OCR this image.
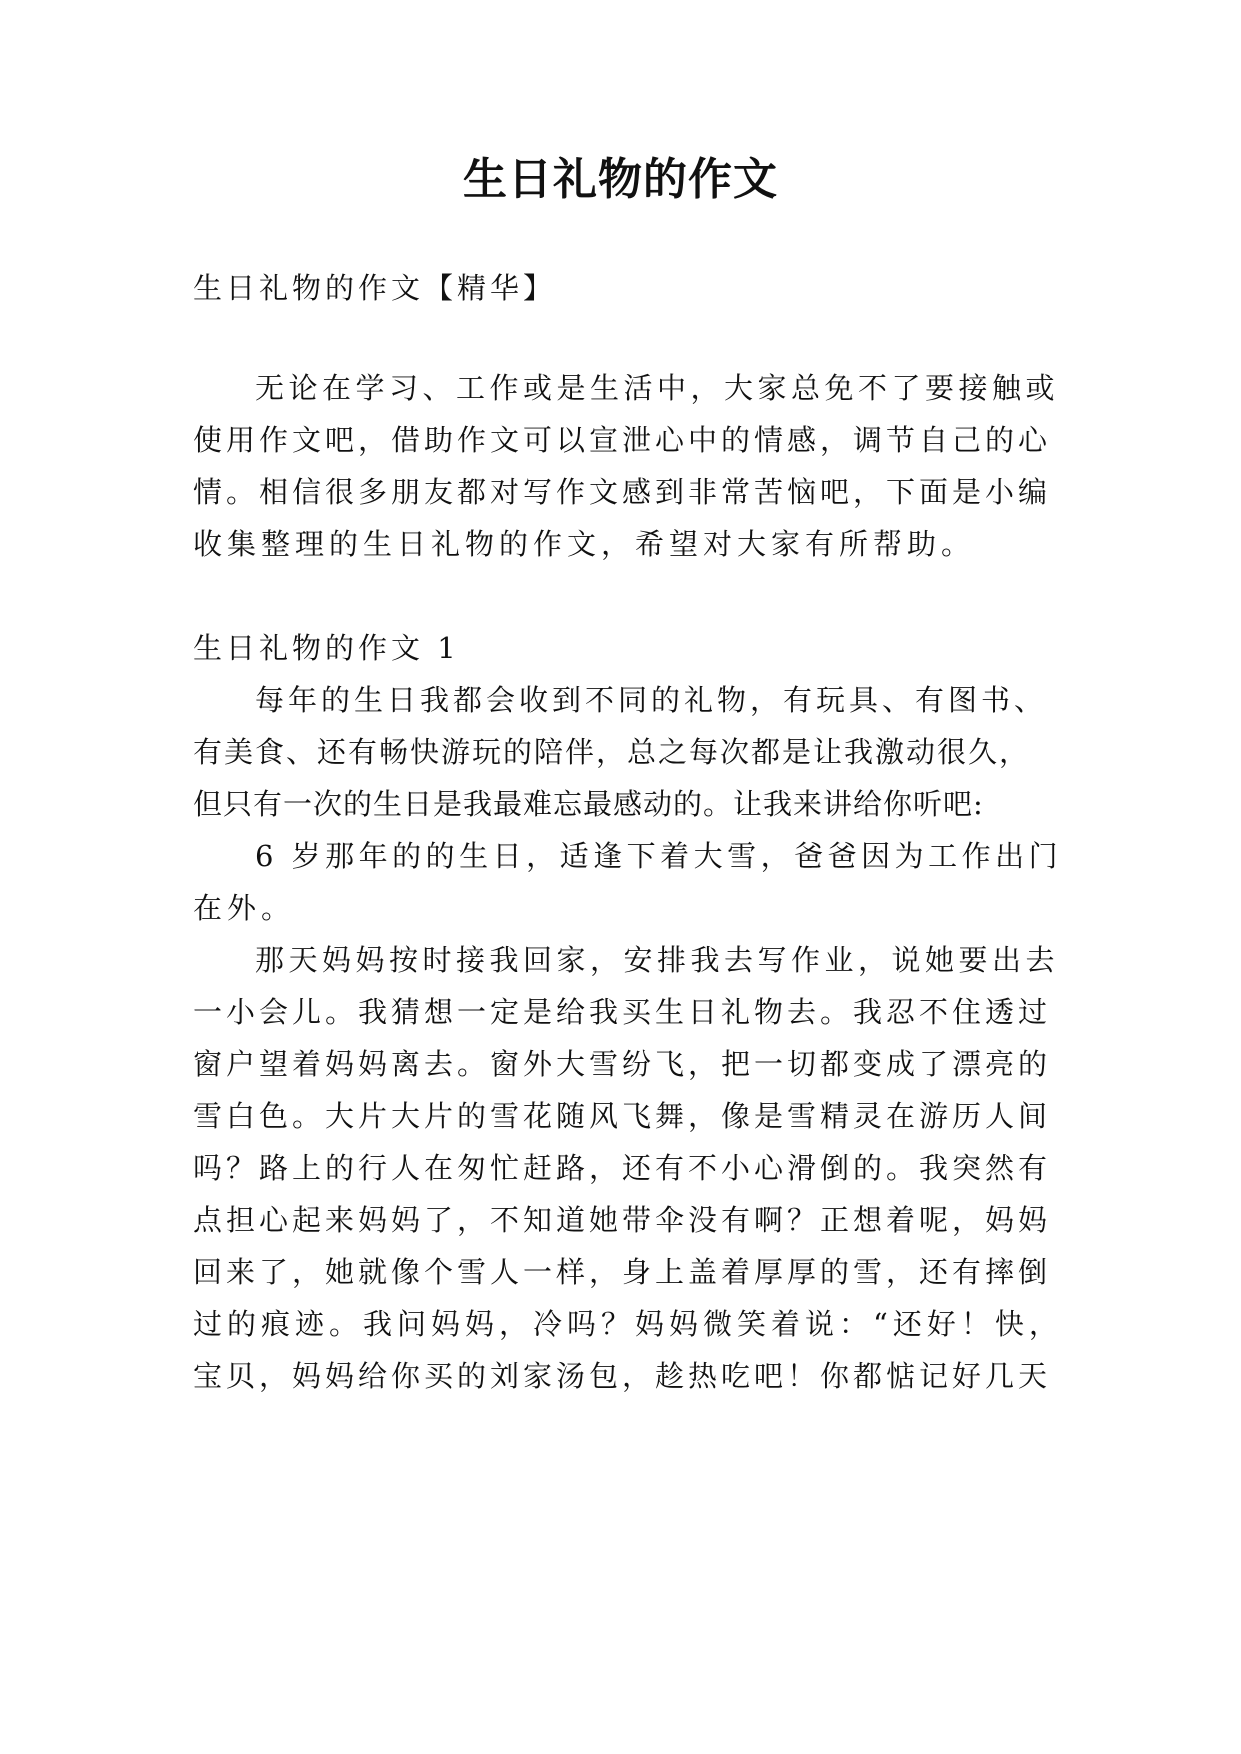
生日礼物的作文
生日礼物的作文【精华】
无论在学习、工作或是生活中，大家总免不了要接触或
使用作文吧，借助作文可以宣泄心中的情感，调节自己的心
情。相信很多朋友都对写作文感到非常苦恼吧，下面是小编
收集整理的生日礼物的作文，希望对大家有所帮助。
生日礼物的作文 1
每年的生日我都会收到不同的礼物，有玩具、有图书、
有美食、还有畅快游玩的陪伴，总之每次都是让我激动很久，
但只有一次的生日是我最难忘最感动的。让我来讲给你听吧:
6 岁那年的的生日，适逢下着大雪，爸爸因为工作出门
在外。
那天妈妈按时接我回家，安排我去写作业，说她要出去
一小会儿。我猜想一定是给我买生日礼物去。我忍不住透过
窗户望着妈妈离去。窗外大雪纷飞，把一切都变成了漂亮的
雪白色。大片大片的雪花随风飞舞，像是雪精灵在游历人间
吗？路上的行人在匆忙赶路，还有不小心滑倒的。我突然有
点担心起来妈妈了，不知道她带伞没有啊？正想着呢，妈妈
回来了，她就像个雪人一样，身上盖着厚厚的雪，还有摔倒
过的痕迹。我问妈妈，冷吗？妈妈微笑着说：“还好！快，
宝贝，妈妈给你买的刘家汤包，趁热吃吧！你都惦记好几天
